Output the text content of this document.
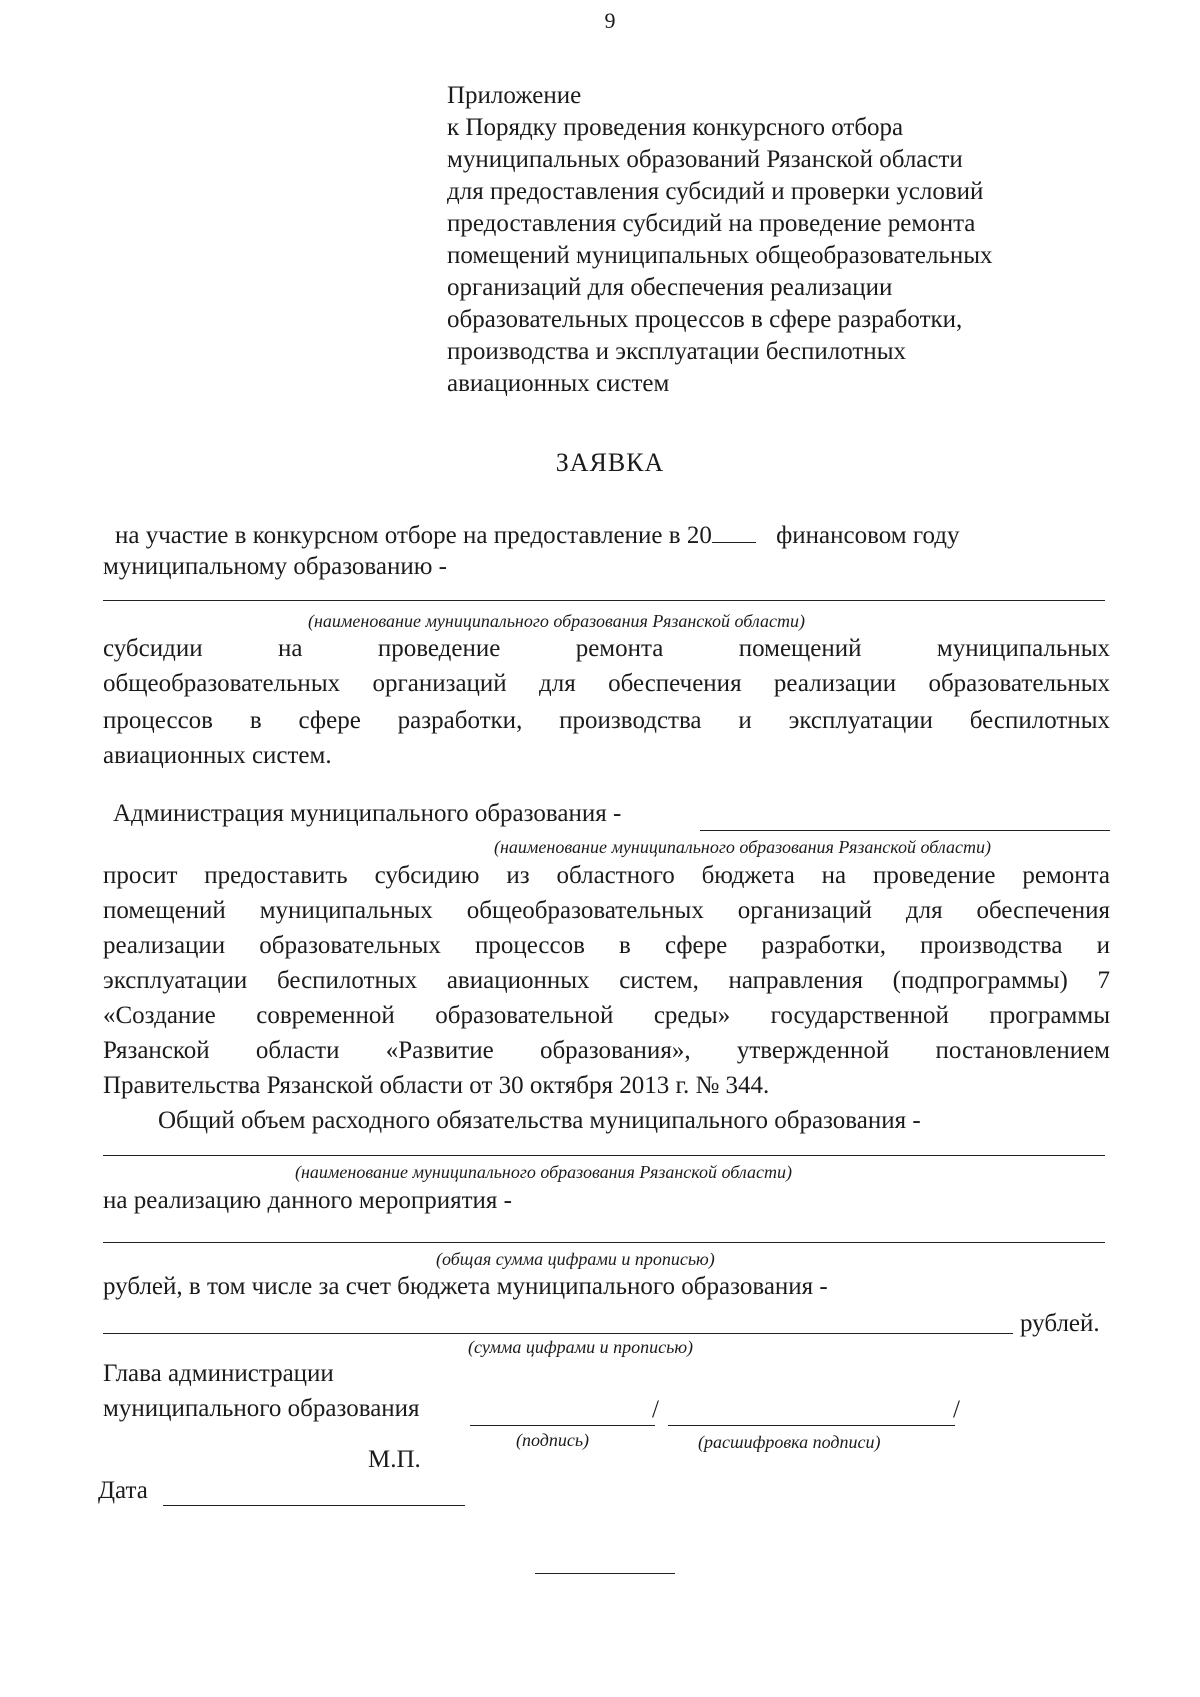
9
Приложение
к Порядку проведения конкурсного отбора
муниципальных образований Рязанской области
для предоставления субсидий и проверки условий
предоставления субсидий на проведение ремонта
помещений муниципальных общеобразовательных
организаций для обеспечения реализации
образовательных процессов в сфере разработки,
производства и эксплуатации беспилотных
авиационных систем
ЗАЯВКА
на участие в конкурсном отборе на предоставление в 20	финансовом году
муниципальному образованию -
(наименование муниципального образования Рязанской области)
субсидии на проведение ремонта помещений муниципальных
общеобразовательных организаций для обеспечения реализации образовательных
процессов в сфере разработки, производства и эксплуатации беспилотных
авиационных систем.
Администрация муниципального образования -
(наименование муниципального образования Рязанской области)
просит предоставить субсидию из областного бюджета на проведение ремонта
помещений муниципальных общеобразовательных организаций для обеспечения
реализации образовательных процессов в сфере разработки, производства и
эксплуатации беспилотных авиационных систем, направления (подпрограммы) 7
«Создание современной образовательной среды» государственной программы
Рязанской области «Развитие образования», утвержденной постановлением
Правительства Рязанской области от 30 октября 2013 г. № 344.
Общий объем расходного обязательства муниципального образования -
(наименование муниципального образования Рязанской области)
на реализацию данного мероприятия -
(общая сумма цифрами и прописью)
рублей, в том числе за счет бюджета муниципального образования -
рублей.
(сумма цифрами и прописью)
Глава администрации
муниципального образования	/	/
(подпись)	(расшифровка подписи)
М.П.
Дата
